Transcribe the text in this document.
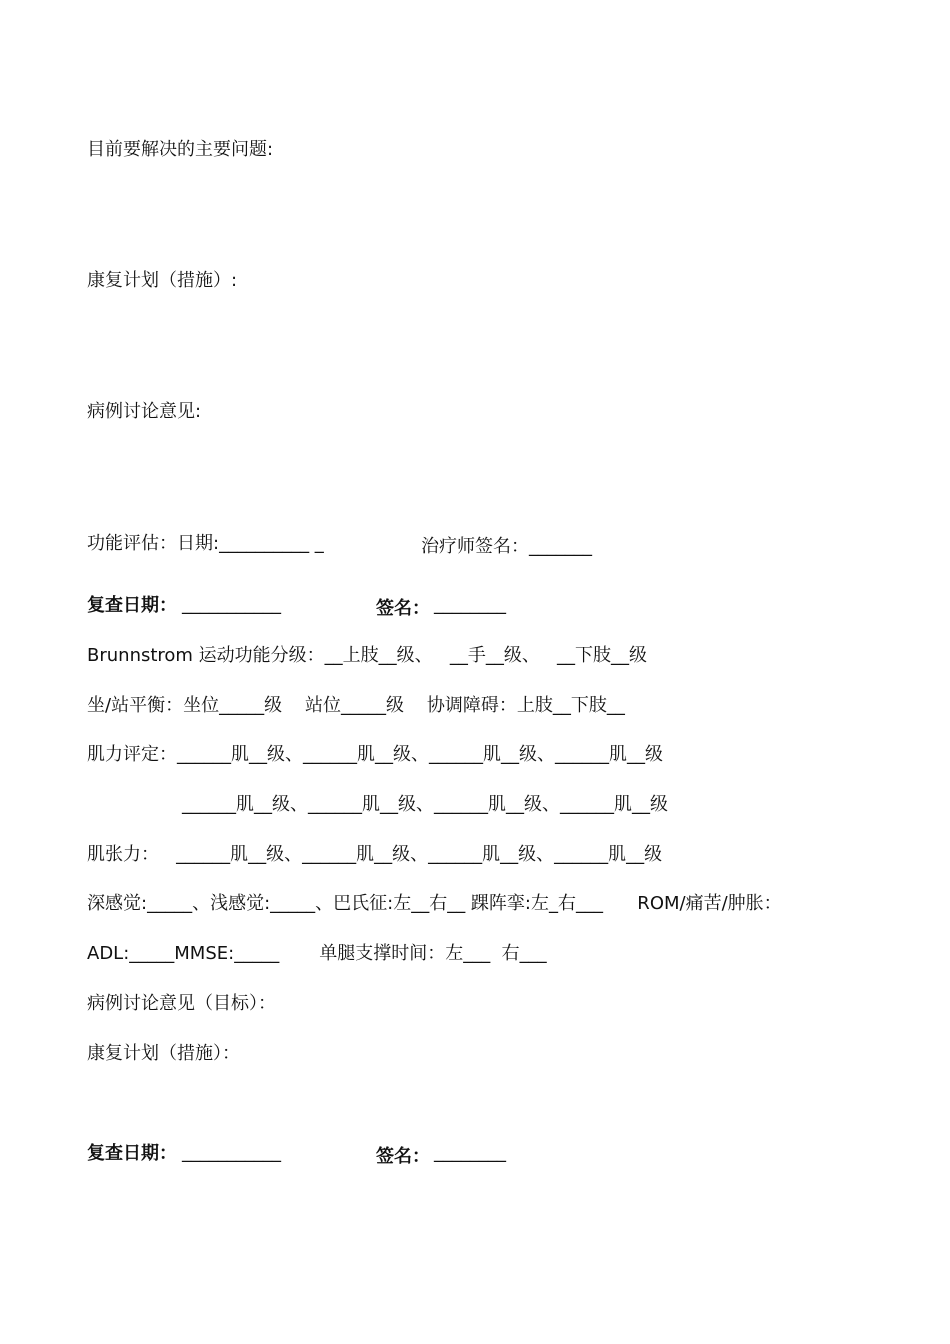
目前要解决的主要问题:
康复计划（措施）:
病例讨论意见:
功能评估：日期:__________ _	治疗师签名：_______
复查日期： ___________	签名： ________
Brunnstrom 运动功能分级：__上肢__级、   __手__级、   __下肢__级
坐/站平衡：坐位_____级    站位_____级    协调障碍：上肢__下肢__
肌力评定：______肌__级、______肌__级、______肌__级、______肌__级
______肌__级、______肌__级、______肌__级、______肌__级
肌张力：   ______肌__级、______肌__级、______肌__级、______肌__级
深感觉:_____、浅感觉:_____、巴氏征:左__右__ 踝阵挛:左_右___      ROM/痛苦/肿胀：
ADL:_____MMSE:_____       单腿支撑时间：左___  右___
病例讨论意见（目标）：
康复计划（措施）：
复查日期： ___________	签名： ________
